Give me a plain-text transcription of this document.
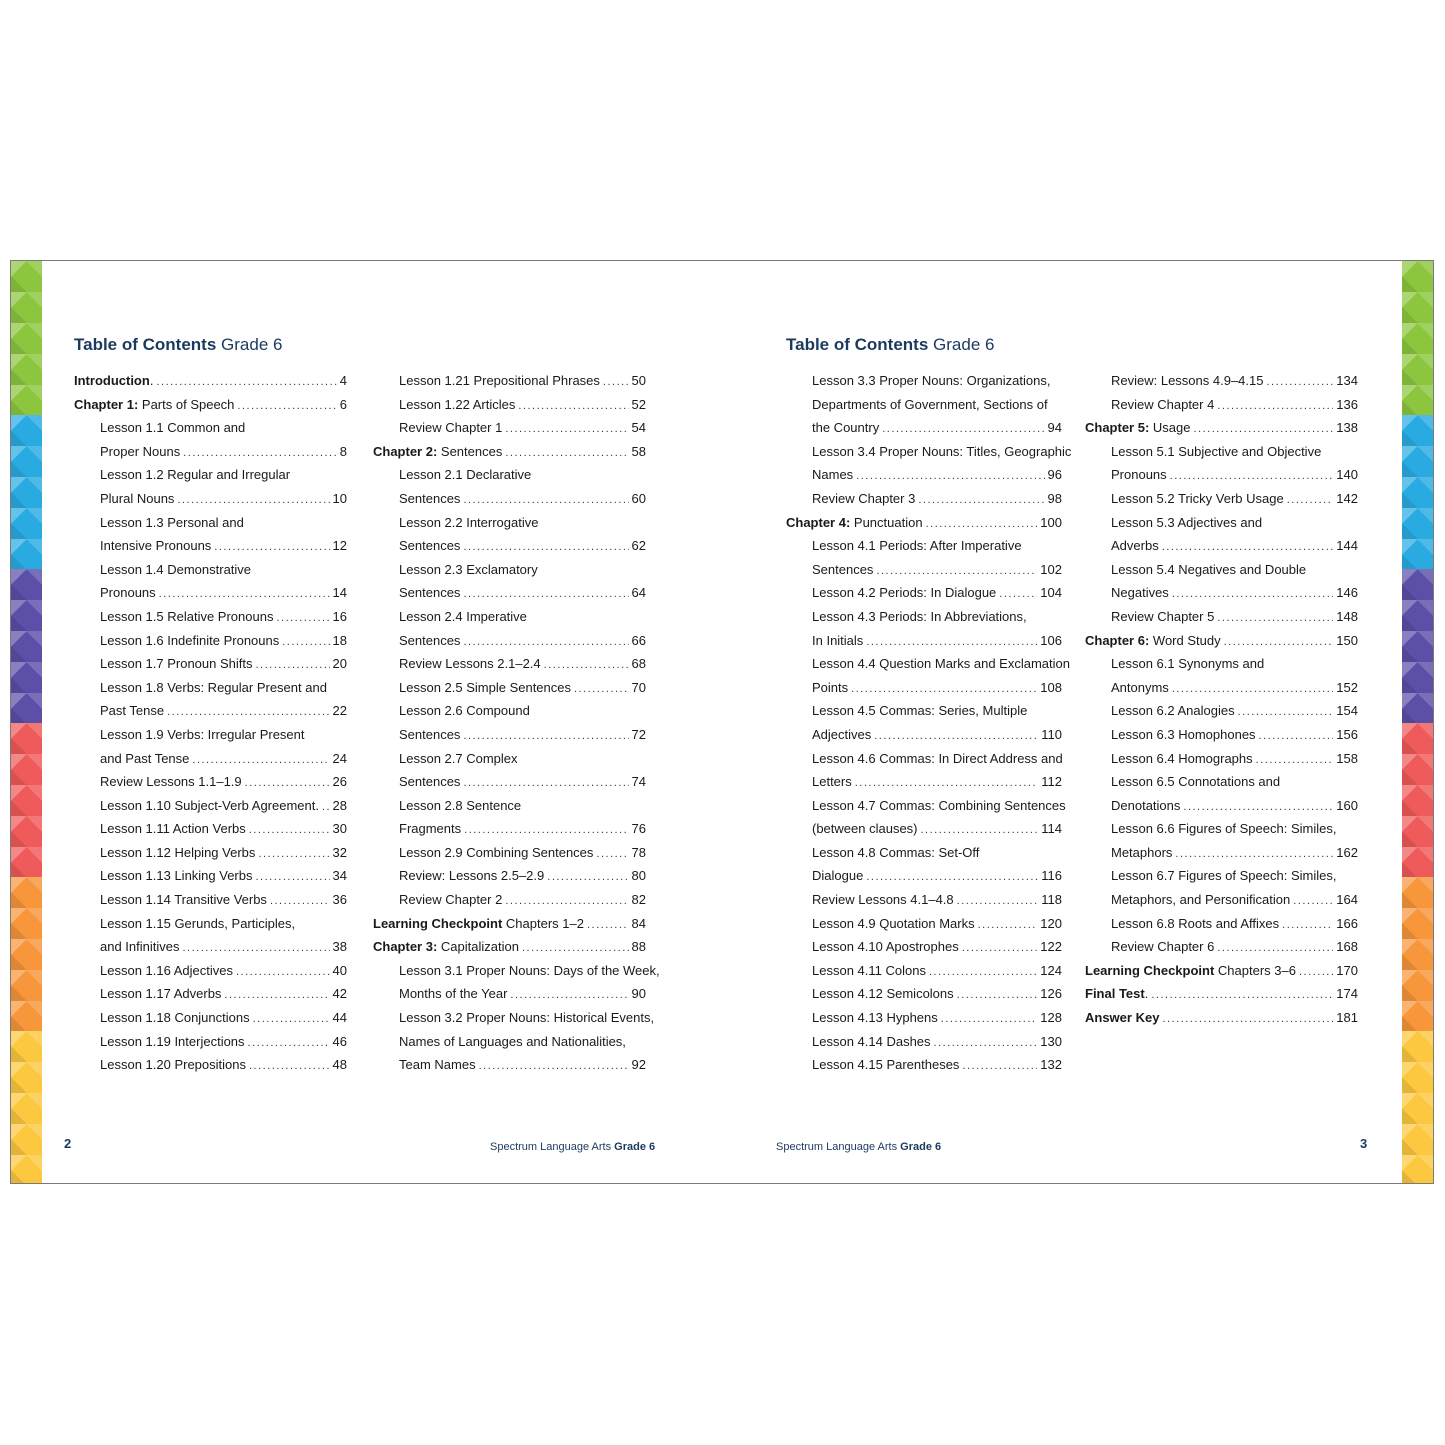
Table of Contents Grade 6
Introduction. .....	4
Chapter 1: Parts of Speech .....	6
Lesson 1.1 Common and
Proper Nouns .....	8
Lesson 1.2 Regular and Irregular
Plural Nouns .....	10
Lesson 1.3 Personal and
Intensive Pronouns .....	12
Lesson 1.4 Demonstrative
Pronouns .....	14
Lesson 1.5 Relative Pronouns .....	16
Lesson 1.6 Indefinite Pronouns .....	18
Lesson 1.7 Pronoun Shifts .....	20
Lesson 1.8 Verbs: Regular Present and
Past Tense .....	22
Lesson 1.9 Verbs: Irregular Present
and Past Tense .....	24
Review Lessons 1.1–1.9 .....	26
Lesson 1.10 Subject-Verb Agreement. ..... 28
Lesson 1.11 Action Verbs .....	30
Lesson 1.12 Helping Verbs .....	32
Lesson 1.13 Linking Verbs .....	34
Lesson 1.14 Transitive Verbs .....	36
Lesson 1.15 Gerunds, Participles,
and Infinitives .....	38
Lesson 1.16 Adjectives .....	40
Lesson 1.17 Adverbs .....	42
Lesson 1.18 Conjunctions .....	44
Lesson 1.19 Interjections .....	46
Lesson 1.20 Prepositions .....	48
Lesson 1.21 Prepositional Phrases ..... 50
Lesson 1.22 Articles .....	52
Review Chapter 1 .....	54
Chapter 2: Sentences .....	58
Lesson 2.1 Declarative
Sentences .....	60
Lesson 2.2 Interrogative
Sentences .....	62
Lesson 2.3 Exclamatory
Sentences .....	64
Lesson 2.4 Imperative
Sentences .....	66
Review Lessons 2.1–2.4 .....	68
Lesson 2.5 Simple Sentences .....	70
Lesson 2.6 Compound
Sentences .....	72
Lesson 2.7 Complex
Sentences .....	74
Lesson 2.8 Sentence
Fragments .....	76
Lesson 2.9 Combining Sentences .....	78
Review: Lessons 2.5–2.9 .....	80
Review Chapter 2 .....	82
Learning Checkpoint Chapters 1–2 .....	84
Chapter 3: Capitalization .....	88
Lesson 3.1 Proper Nouns: Days of the Week,
Months of the Year .....	90
Lesson 3.2 Proper Nouns: Historical Events,
Names of Languages and Nationalities,
Team Names .....	92
2	Spectrum Language Arts Grade 6
Table of Contents Grade 6
Lesson 3.3 Proper Nouns: Organizations,
Departments of Government, Sections of
the Country .....	94
Lesson 3.4 Proper Nouns: Titles, Geographic
Names .....	96
Review Chapter 3 .....	98
Chapter 4: Punctuation .....	100
Lesson 4.1 Periods: After Imperative
Sentences .....	102
Lesson 4.2 Periods: In Dialogue .....	104
Lesson 4.3 Periods: In Abbreviations,
In Initials .....	106
Lesson 4.4 Question Marks and Exclamation
Points .....	108
Lesson 4.5 Commas: Series, Multiple
Adjectives .....	110
Lesson 4.6 Commas: In Direct Address and
Letters .....	112
Lesson 4.7 Commas: Combining Sentences
(between clauses) .....	114
Lesson 4.8 Commas: Set-Off
Dialogue .....	116
Review Lessons 4.1–4.8 .....	118
Lesson 4.9 Quotation Marks .....	120
Lesson 4.10 Apostrophes .....	122
Lesson 4.11 Colons .....	124
Lesson 4.12 Semicolons .....	126
Lesson 4.13 Hyphens .....	128
Lesson 4.14 Dashes .....	130
Lesson 4.15 Parentheses .....	132
Review: Lessons 4.9–4.15 .....	134
Review Chapter 4 .....	136
Chapter 5: Usage .....	138
Lesson 5.1 Subjective and Objective
Pronouns .....	140
Lesson 5.2 Tricky Verb Usage .....	142
Lesson 5.3 Adjectives and
Adverbs .....	144
Lesson 5.4 Negatives and Double
Negatives .....	146
Review Chapter 5 .....	148
Chapter 6: Word Study .....	150
Lesson 6.1 Synonyms and
Antonyms .....	152
Lesson 6.2 Analogies .....	154
Lesson 6.3 Homophones .....	156
Lesson 6.4 Homographs .....	158
Lesson 6.5 Connotations and
Denotations .....	160
Lesson 6.6 Figures of Speech: Similes,
Metaphors .....	162
Lesson 6.7 Figures of Speech: Similes,
Metaphors, and Personification .....	164
Lesson 6.8 Roots and Affixes .....	166
Review Chapter 6 .....	168
Learning Checkpoint Chapters 3–6 .....	170
Final Test. .....	174
Answer Key .....	181
Spectrum Language Arts Grade 6	3
